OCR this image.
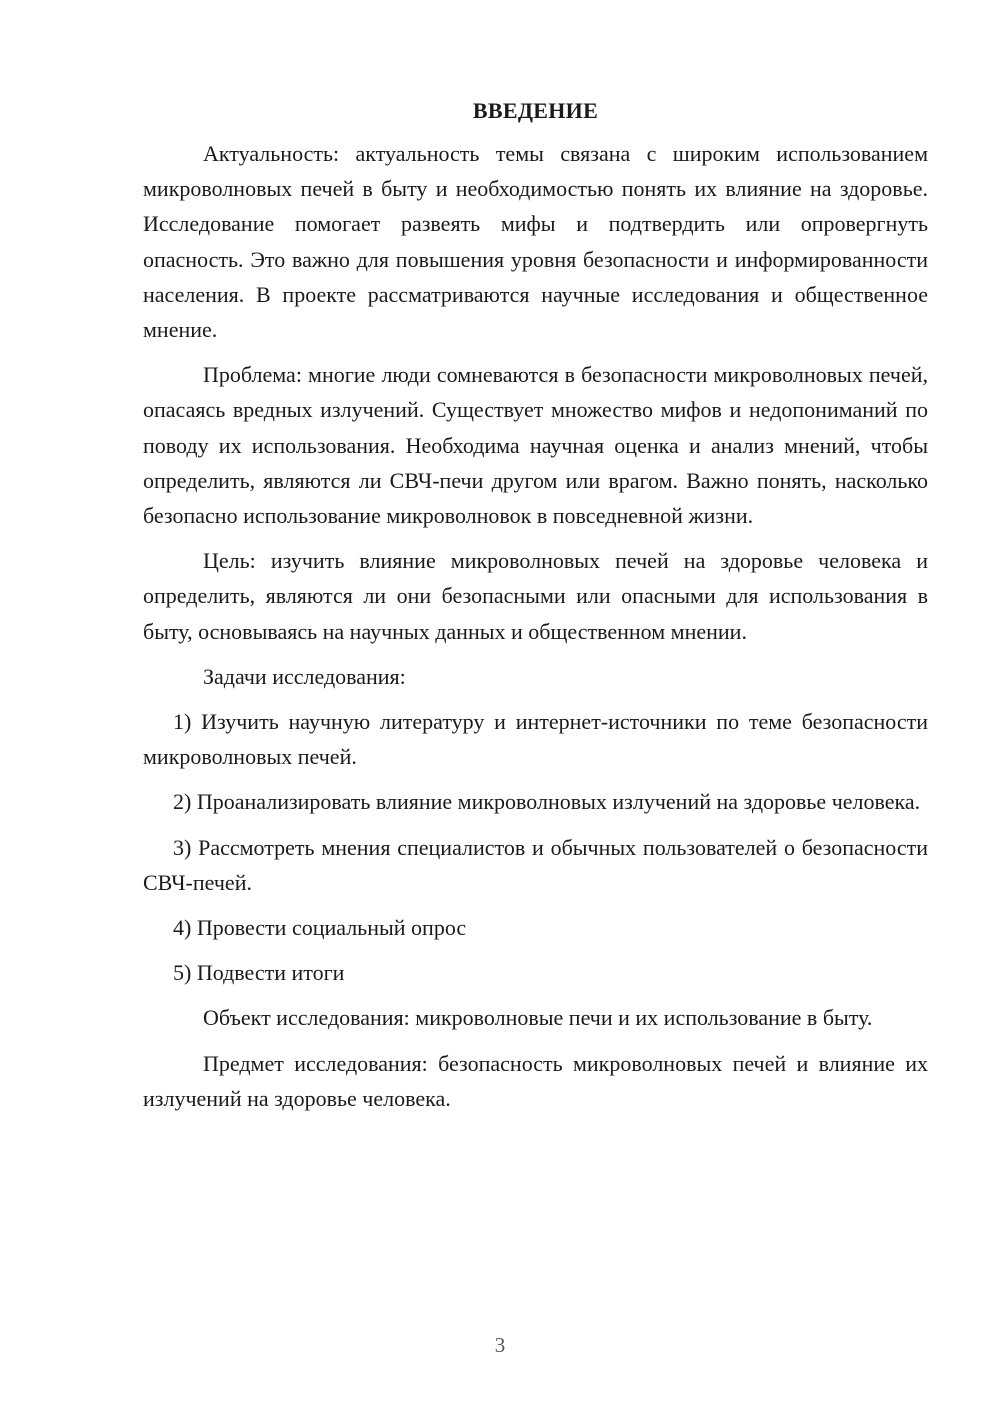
ВВЕДЕНИЕ

Актуальность: актуальность темы связана с широким использованием микроволновых печей в быту и необходимостью понять их влияние на здоровье. Исследование помогает развеять мифы и подтвердить или опровергнуть опасность. Это важно для повышения уровня безопасности и информированности населения. В проекте рассматриваются научные исследования и общественное мнение.

Проблема: многие люди сомневаются в безопасности микроволновых печей, опасаясь вредных излучений. Существует множество мифов и недопониманий по поводу их использования. Необходима научная оценка и анализ мнений, чтобы определить, являются ли СВЧ-печи другом или врагом. Важно понять, насколько безопасно использование микроволновок в повседневной жизни.

Цель: изучить влияние микроволновых печей на здоровье человека и определить, являются ли они безопасными или опасными для использования в быту, основываясь на научных данных и общественном мнении.

Задачи исследования:

1) Изучить научную литературу и интернет-источники по теме безопасности микроволновых печей.

2) Проанализировать влияние микроволновых излучений на здоровье человека.

3) Рассмотреть мнения специалистов и обычных пользователей о безопасности СВЧ-печей.

4) Провести социальный опрос

5) Подвести итоги

Объект исследования: микроволновые печи и их использование в быту.

Предмет исследования: безопасность микроволновых печей и влияние их излучений на здоровье человека.

3
